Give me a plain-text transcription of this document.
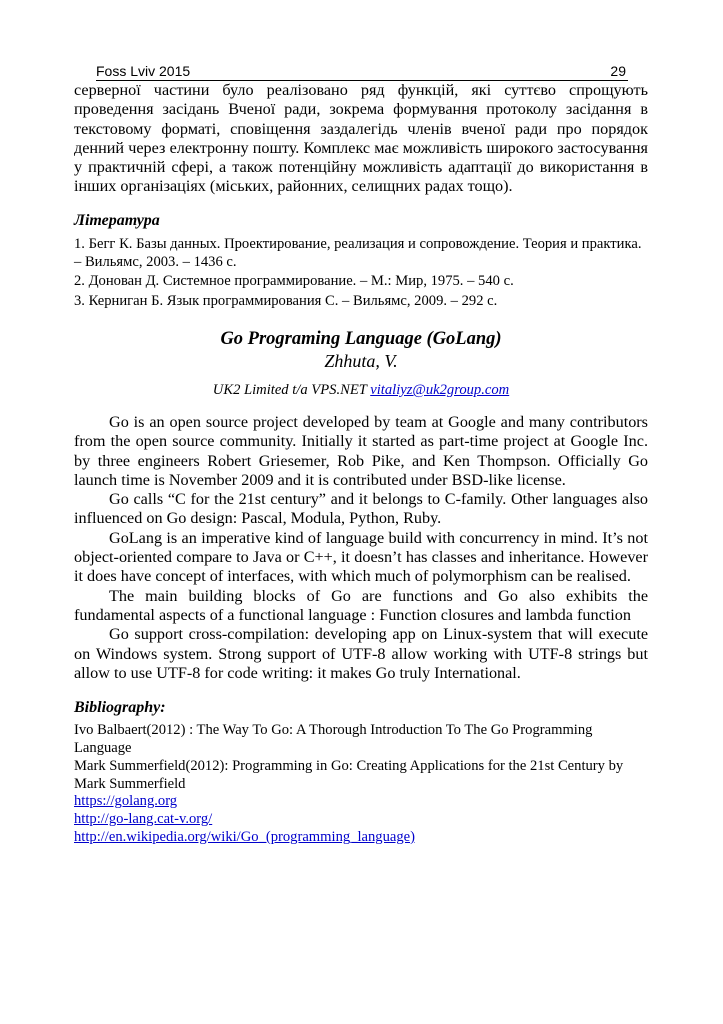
Foss Lviv 2015	29

серверної частини було реалізовано ряд функцій, які суттєво спрощують проведення засідань Вченої ради, зокрема формування протоколу засідання в текстовому форматі, сповіщення заздалегідь членів вченої ради про порядок денний через електронну пошту. Комплекс має можливість широкого застосування у практичній сфері, а також потенційну можливість адаптації до використання в інших організаціях (міських, районних, селищних радах тощо).

Література

1. Бегг К. Базы данных. Проектирование, реализация и сопровождение. Теория и практика. – Вильямс, 2003. – 1436 с.

2. Донован Д. Системное программирование. – М.: Мир, 1975. – 540 с.

3. Керниган Б. Язык программирования С. – Вильямс, 2009. – 292 с.

Go Programing Language (GoLang)

Zhhuta, V.

UK2 Limited t/a VPS.NET vitaliyz@uk2group.com

Go is an open source project developed by team at Google and many contributors from the open source community. Initially it started as part-time project at Google Inc. by three engineers Robert Griesemer, Rob Pike, and Ken Thompson. Officially Go launch time is November 2009 and it is contributed under BSD-like license.

Go calls “C for the 21st century” and it belongs to C-family. Other languages also influenced on Go design: Pascal, Modula, Python, Ruby.

GoLang is an imperative kind of language build with concurrency in mind. It’s not object-oriented compare to Java or C++, it doesn’t has classes and inheritance. However it does have concept of interfaces, with which much of polymorphism can be realised.

The main building blocks of Go are functions and Go also exhibits the fundamental aspects of a functional language : Function closures and lambda function

Go support cross-compilation: developing app on Linux-system that will execute on Windows system. Strong support of UTF-8 allow working with UTF-8 strings but allow to use UTF-8 for code writing: it makes Go truly International.

Bibliography:

Ivo Balbaert(2012) : The Way To Go: A Thorough Introduction To The Go Programming Language

Mark Summerfield(2012): Programming in Go: Creating Applications for the 21st Century by Mark Summerfield

https://golang.org

http://go-lang.cat-v.org/

http://en.wikipedia.org/wiki/Go_(programming_language)
